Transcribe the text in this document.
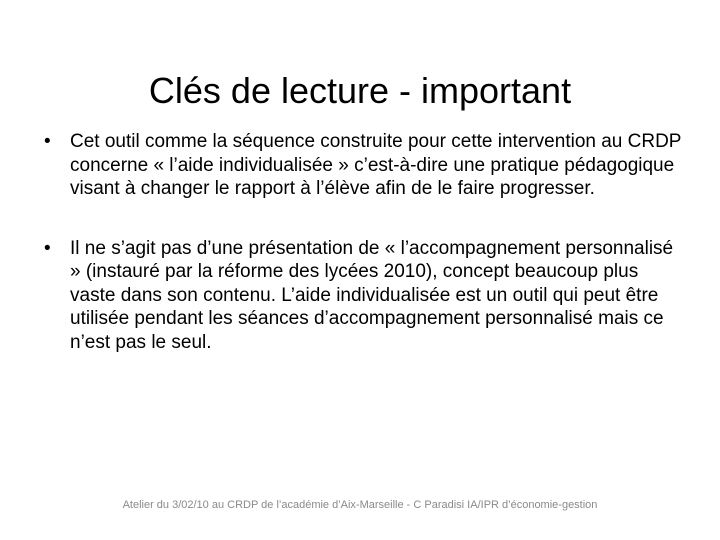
Clés de lecture - important
•	Cet outil comme la séquence construite pour cette intervention au CRDP concerne « l’aide individualisée » c’est-à-dire une pratique pédagogique visant à changer le rapport à l’élève afin de le faire progresser.
•	Il ne s’agit pas d’une présentation de « l’accompagnement personnalisé » (instauré par la réforme des lycées 2010), concept beaucoup plus vaste dans son contenu. L’aide individualisée est un outil qui peut être utilisée pendant les séances d’accompagnement personnalisé mais ce n’est pas le seul.
Atelier du 3/02/10 au CRDP de l’académie d’Aix-Marseille - C Paradisi IA/IPR d’économie-gestion
